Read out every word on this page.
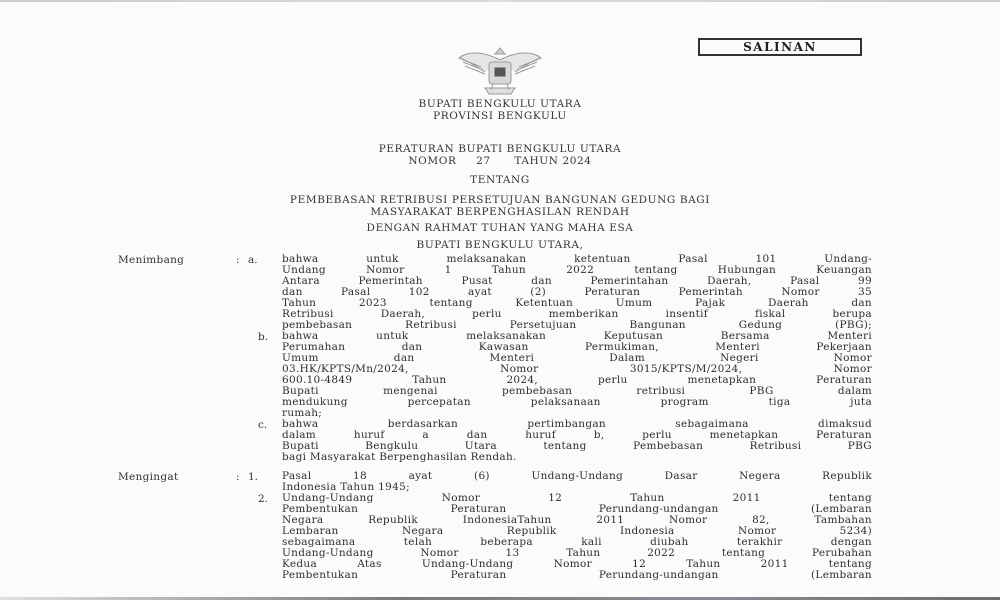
SALINAN
BUPATI BENGKULU UTARA
PROVINSI BENGKULU
PERATURAN BUPATI BENGKULU UTARA
NOMOR     27      TAHUN 2024
TENTANG
PEMBEBASAN RETRIBUSI PERSETUJUAN BANGUNAN GEDUNG BAGI
MASYARAKAT BERPENGHASILAN RENDAH
DENGAN RAHMAT TUHAN YANG MAHA ESA
BUPATI BENGKULU UTARA,
Menimbang	: a. bahwa untuk melaksanakan ketentuan Pasal 101 Undang-
Undang Nomor 1 Tahun 2022 tentang Hubungan Keuangan
Antara Pemerintah Pusat dan Pemerintahan Daerah, Pasal 99
dan Pasal 102 ayat (2) Peraturan Pemerintah Nomor 35
Tahun 2023 tentang Ketentuan Umum Pajak Daerah dan
Retribusi Daerah, perlu memberikan insentif fiskal berupa
pembebasan Retribusi Persetujuan Bangunan Gedung (PBG);
b. bahwa untuk melaksanakan Keputusan Bersama Menteri
Perumahan dan Kawasan Permukiman, Menteri Pekerjaan
Umum dan Menteri Dalam Negeri Nomor
03.HK/KPTS/Mn/2024, Nomor 3015/KPTS/M/2024, Nomor
600.10-4849 Tahun 2024, perlu menetapkan Peraturan
Bupati mengenai pembebasan retribusi PBG dalam
mendukung percepatan pelaksanaan program tiga juta
rumah;
c. bahwa berdasarkan pertimbangan sebagaimana dimaksud
dalam huruf a dan huruf b, perlu menetapkan Peraturan
Bupati Bengkulu Utara tentang Pembebasan Retribusi PBG
bagi Masyarakat Berpenghasilan Rendah.
Mengingat	: 1. Pasal 18 ayat (6) Undang-Undang Dasar Negera Republik
Indonesia Tahun 1945;
2. Undang-Undang Nomor 12 Tahun 2011 tentang
Pembentukan Peraturan Perundang-undangan (Lembaran
Negara Republik IndonesiaTahun 2011 Nomor 82, Tambahan
Lembaran Negara Republik Indonesia Nomor 5234)
sebagaimana telah beberapa kali diubah terakhir dengan
Undang-Undang Nomor 13 Tahun 2022 tentang Perubahan
Kedua Atas Undang-Undang Nomor 12 Tahun 2011 tentang
Pembentukan Peraturan Perundang-undangan (Lembaran
